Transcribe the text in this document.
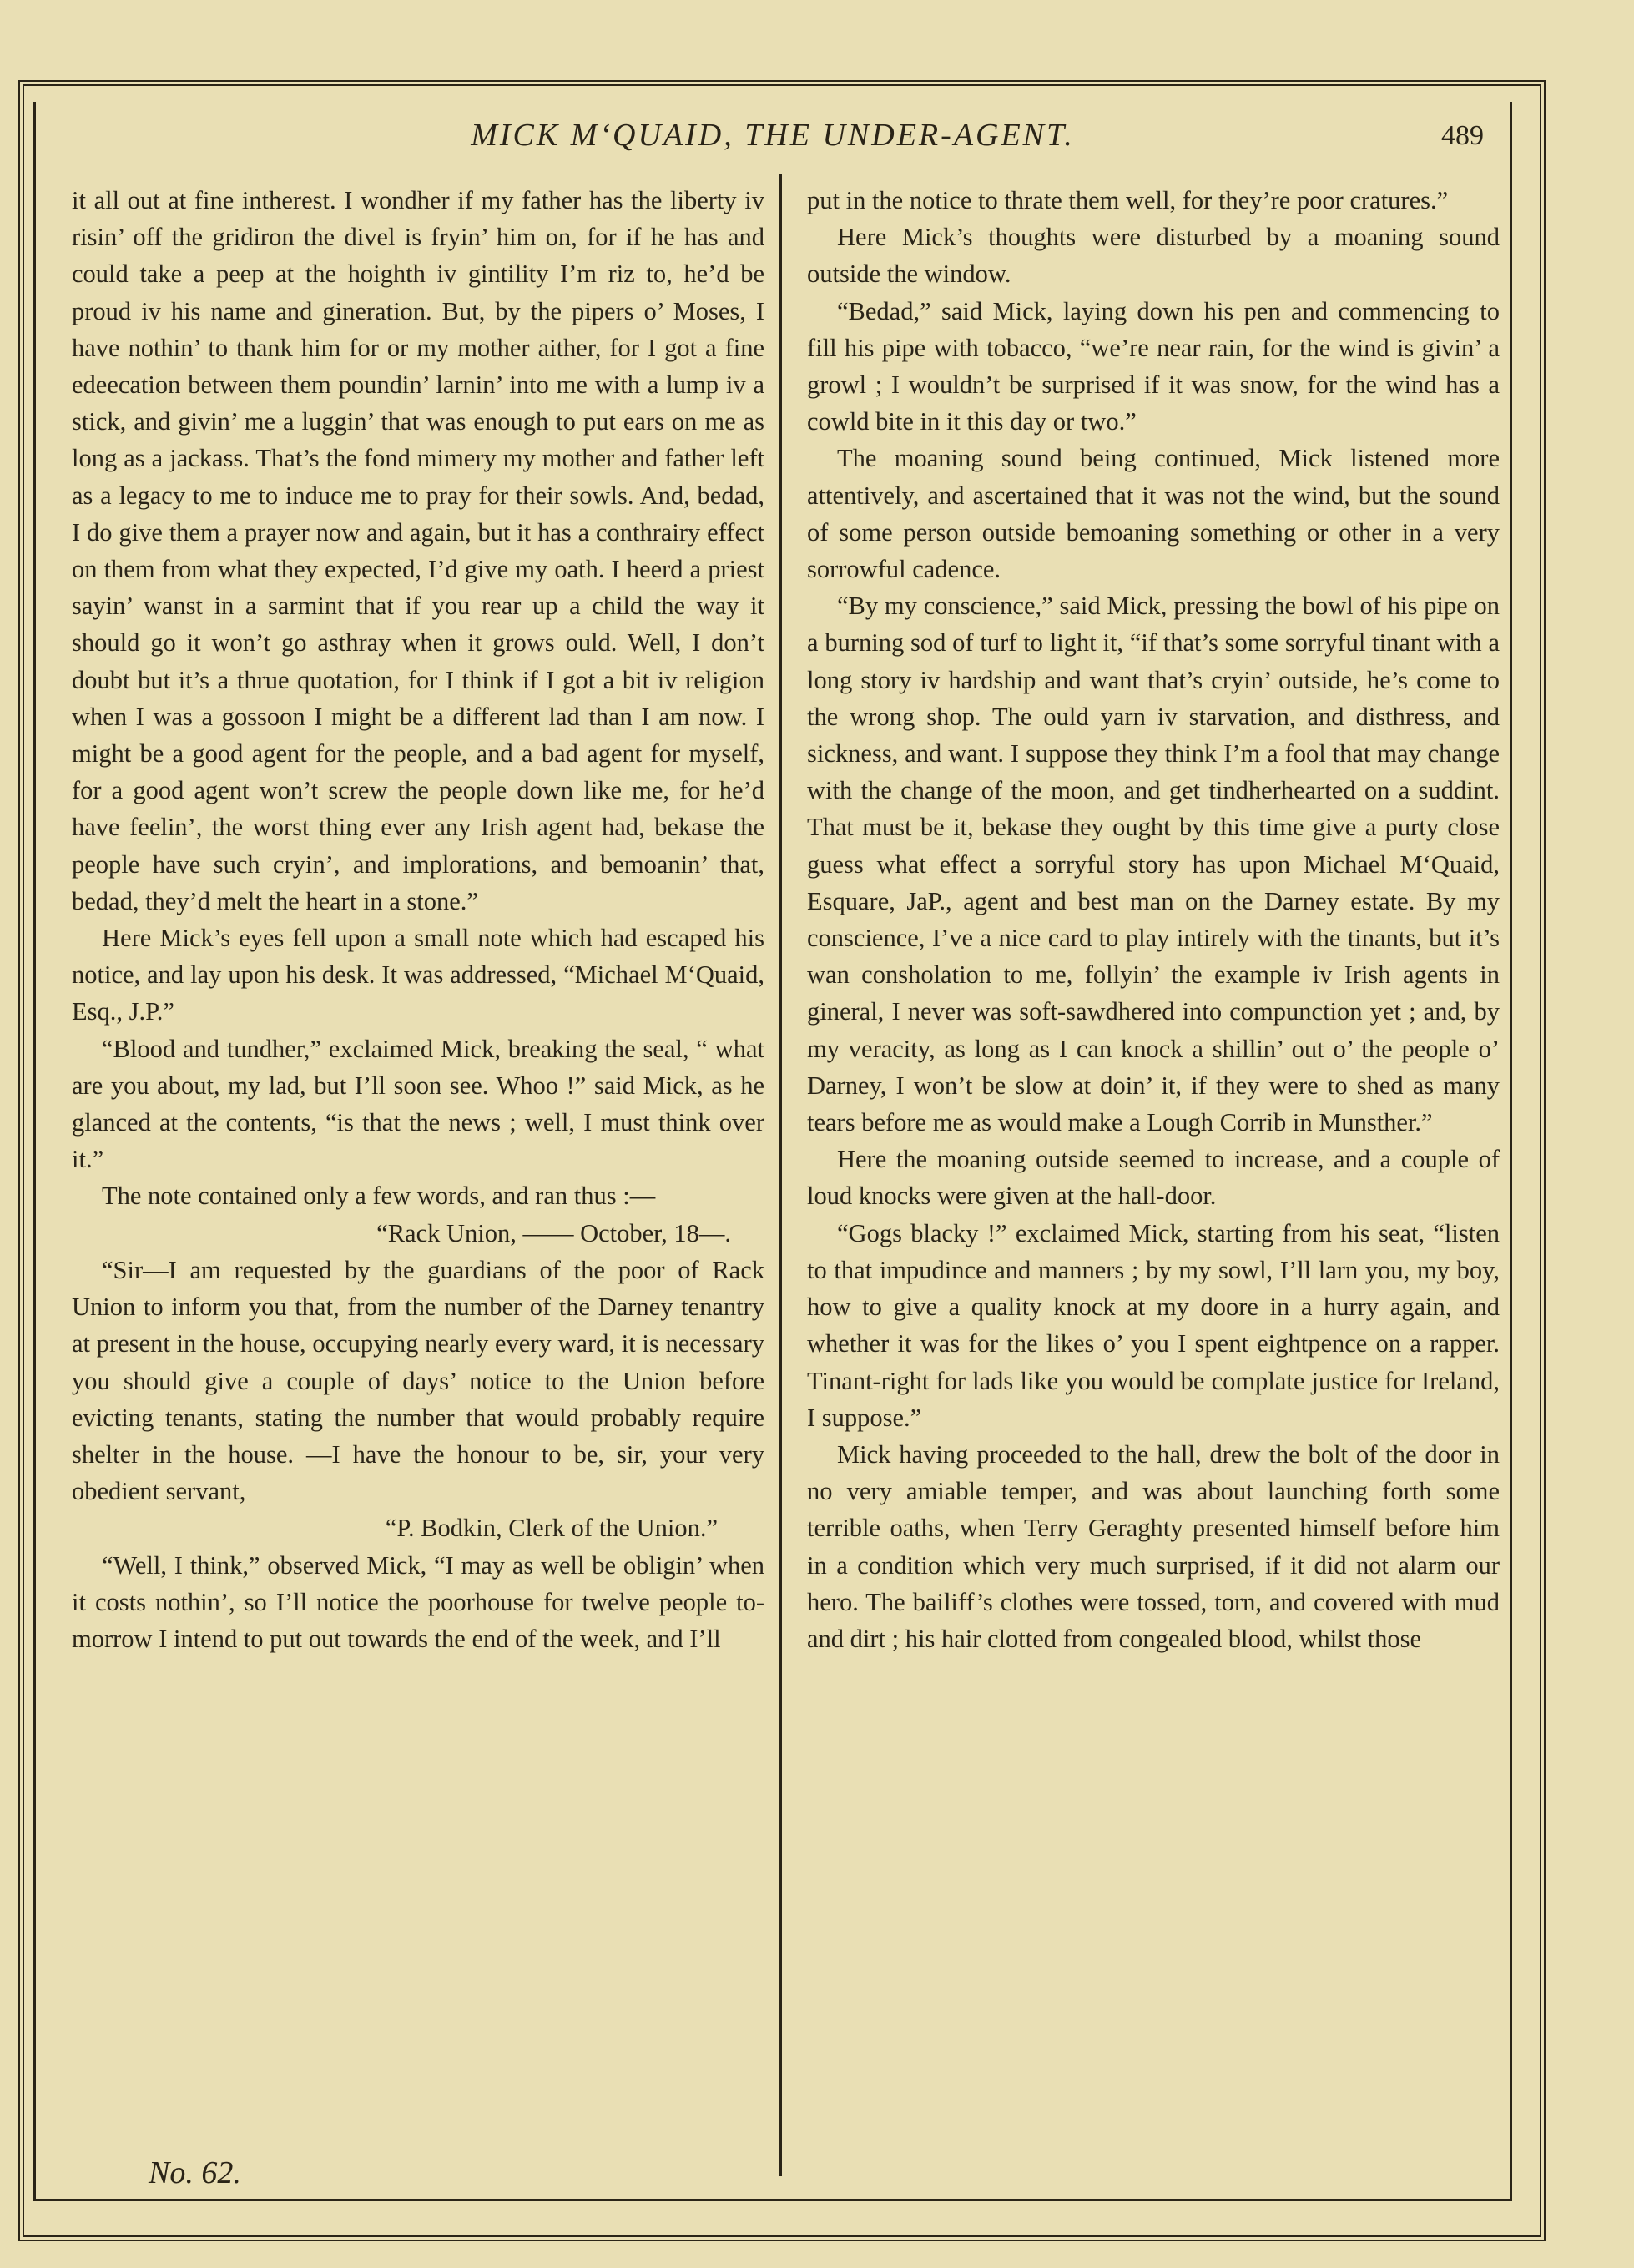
MICK M‘QUAID, THE UNDER-AGENT.	489

it all out at fine intherest. I wondher if my father has the liberty iv risin’ off the gridiron the divel is fryin’ him on, for if he has and could take a peep at the hoighth iv gintility I’m riz to, he’d be proud iv his name and gineration. But, by the pipers o’ Moses, I have nothin’ to thank him for or my mother aither, for I got a fine edeecation between them poundin’ larnin’ into me with a lump iv a stick, and givin’ me a luggin’ that was enough to put ears on me as long as a jackass. That’s the fond mimery my mother and father left as a legacy to me to induce me to pray for their sowls. And, bedad, I do give them a prayer now and again, but it has a conthrairy effect on them from what they expected, I’d give my oath. I heerd a priest sayin’ wanst in a sarmint that if you rear up a child the way it should go it won’t go asthray when it grows ould. Well, I don’t doubt but it’s a thrue quotation, for I think if I got a bit iv religion when I was a gossoon I might be a different lad than I am now. I might be a good agent for the people, and a bad agent for myself, for a good agent won’t screw the people down like me, for he’d have feelin’, the worst thing ever any Irish agent had, bekase the people have such cryin’, and implorations, and bemoanin’ that, bedad, they’d melt the heart in a stone.”

Here Mick’s eyes fell upon a small note which had escaped his notice, and lay upon his desk. It was addressed, “Michael M‘Quaid, Esq., J.P.”

“Blood and tundher,” exclaimed Mick, breaking the seal, “ what are you about, my lad, but I’ll soon see. Whoo !” said Mick, as he glanced at the contents, “is that the news ; well, I must think over it.”

The note contained only a few words, and ran thus :—

“Rack Union, —— October, 18—.

“Sir—I am requested by the guardians of the poor of Rack Union to inform you that, from the number of the Darney tenantry at present in the house, occupying nearly every ward, it is necessary you should give a couple of days’ notice to the Union before evicting tenants, stating the number that would probably require shelter in the house. —I have the honour to be, sir, your very obedient servant,

“P. Bodkin, Clerk of the Union.”

“Well, I think,” observed Mick, “I may as well be obligin’ when it costs nothin’, so I’ll notice the poorhouse for twelve people to-morrow I intend to put out towards the end of the week, and I’ll

put in the notice to thrate them well, for they’re poor cratures.”

Here Mick’s thoughts were disturbed by a moaning sound outside the window.

“Bedad,” said Mick, laying down his pen and commencing to fill his pipe with tobacco, “we’re near rain, for the wind is givin’ a growl ; I wouldn’t be surprised if it was snow, for the wind has a cowld bite in it this day or two.”

The moaning sound being continued, Mick listened more attentively, and ascertained that it was not the wind, but the sound of some person outside bemoaning something or other in a very sorrowful cadence.

“By my conscience,” said Mick, pressing the bowl of his pipe on a burning sod of turf to light it, “if that’s some sorryful tinant with a long story iv hardship and want that’s cryin’ outside, he’s come to the wrong shop. The ould yarn iv starvation, and disthress, and sickness, and want. I suppose they think I’m a fool that may change with the change of the moon, and get tindherhearted on a suddint. That must be it, bekase they ought by this time give a purty close guess what effect a sorryful story has upon Michael M‘Quaid, Esquare, JaP., agent and best man on the Darney estate. By my conscience, I’ve a nice card to play intirely with the tinants, but it’s wan consholation to me, follyin’ the example iv Irish agents in gineral, I never was soft-sawdhered into compunction yet ; and, by my veracity, as long as I can knock a shillin’ out o’ the people o’ Darney, I won’t be slow at doin’ it, if they were to shed as many tears before me as would make a Lough Corrib in Munsther.”

Here the moaning outside seemed to increase, and a couple of loud knocks were given at the hall-door.

“Gogs blacky !” exclaimed Mick, starting from his seat, “listen to that impudince and manners ; by my sowl, I’ll larn you, my boy, how to give a quality knock at my doore in a hurry again, and whether it was for the likes o’ you I spent eightpence on a rapper. Tinant-right for lads like you would be complate justice for Ireland, I suppose.”

Mick having proceeded to the hall, drew the bolt of the door in no very amiable temper, and was about launching forth some terrible oaths, when Terry Geraghty presented himself before him in a condition which very much surprised, if it did not alarm our hero. The bailiff’s clothes were tossed, torn, and covered with mud and dirt ; his hair clotted from congealed blood, whilst those

No. 62.
